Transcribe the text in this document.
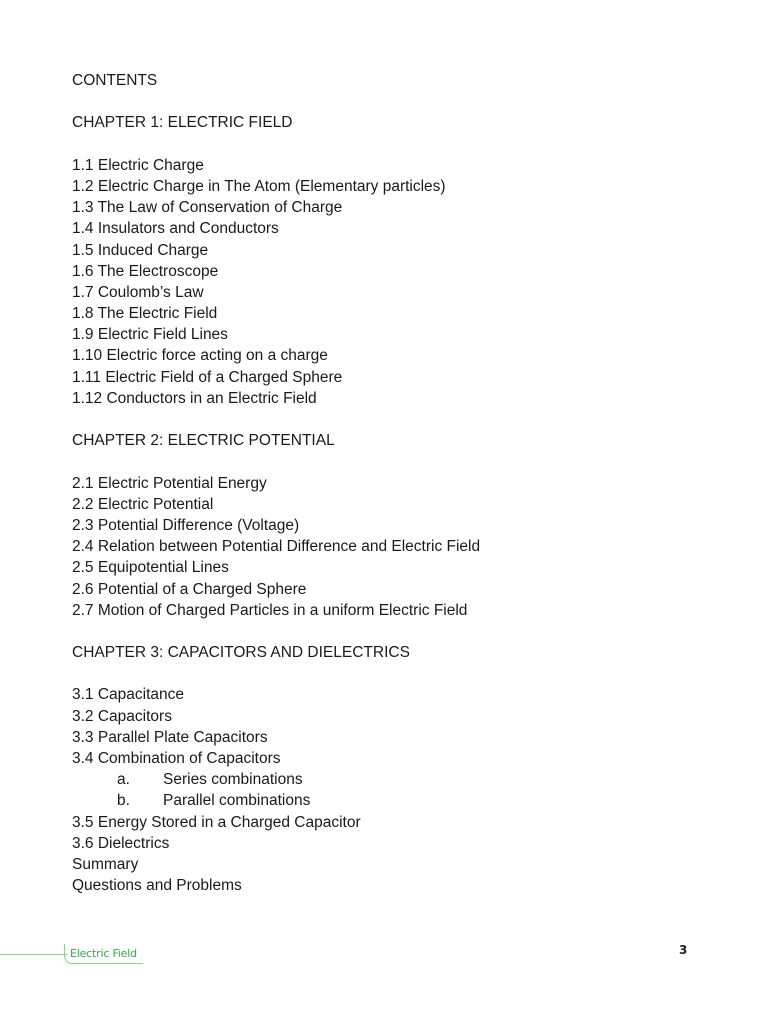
CONTENTS
CHAPTER 1: ELECTRIC FIELD
1.1 Electric Charge
1.2 Electric Charge in The Atom (Elementary particles)
1.3 The Law of Conservation of Charge
1.4 Insulators and Conductors
1.5 Induced Charge
1.6 The Electroscope
1.7 Coulomb’s Law
1.8 The Electric Field
1.9 Electric Field Lines
1.10 Electric force acting on a charge
1.11 Electric Field of a Charged Sphere
1.12 Conductors in an Electric Field
CHAPTER 2: ELECTRIC POTENTIAL
2.1 Electric Potential Energy
2.2 Electric Potential
2.3 Potential Difference (Voltage)
2.4 Relation between Potential Difference and Electric Field
2.5 Equipotential Lines
2.6 Potential of a Charged Sphere
2.7 Motion of Charged Particles in a uniform Electric Field
CHAPTER 3: CAPACITORS AND DIELECTRICS
3.1 Capacitance
3.2 Capacitors
3.3 Parallel Plate Capacitors
3.4 Combination of Capacitors
a.	Series combinations
b.	Parallel combinations
3.5 Energy Stored in a Charged Capacitor
3.6 Dielectrics
Summary
Questions and Problems
Electric Field	3
